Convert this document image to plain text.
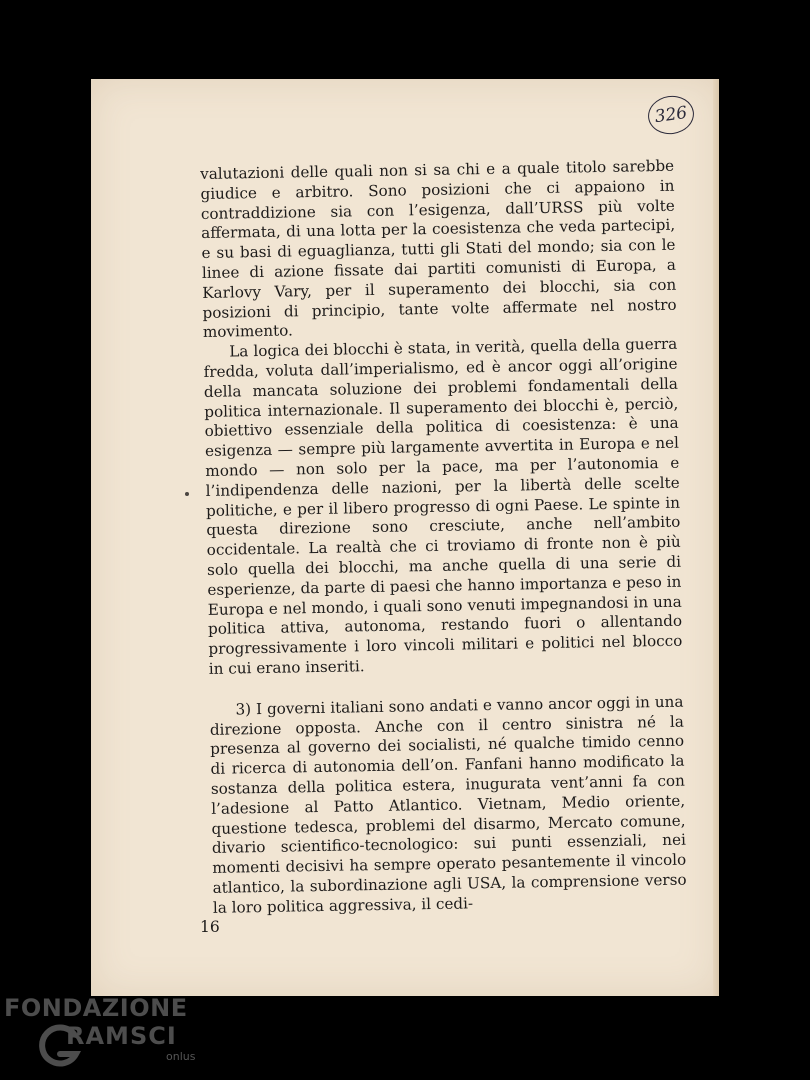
326

valutazioni delle quali non si sa chi e a quale titolo sarebbe giudice e arbitro. Sono posizioni che ci appaiono in contraddizione sia con l’esigenza, dall’URSS più volte affermata, di una lotta per la coesistenza che veda partecipi, e su basi di eguaglianza, tutti gli Stati del mondo; sia con le linee di azione fissate dai partiti comunisti di Europa, a Karlovy Vary, per il superamento dei blocchi, sia con posizioni di principio, tante volte affermate nel nostro movimento.

La logica dei blocchi è stata, in verità, quella della guerra fredda, voluta dall’imperialismo, ed è ancor oggi all’origine della mancata soluzione dei problemi fondamentali della politica internazionale. Il superamento dei blocchi è, perciò, obiettivo essenziale della politica di coesistenza: è una esigenza — sempre più largamente avvertita in Europa e nel mondo — non solo per la pace, ma per l’autonomia e l’indipendenza delle nazioni, per la libertà delle scelte politiche, e per il libero progresso di ogni Paese. Le spinte in questa direzione sono cresciute, anche nell’ambito occidentale. La realtà che ci troviamo di fronte non è più solo quella dei blocchi, ma anche quella di una serie di esperienze, da parte di paesi che hanno importanza e peso in Europa e nel mondo, i quali sono venuti impegnandosi in una politica attiva, autonoma, restando fuori o allentando progressivamente i loro vincoli militari e politici nel blocco in cui erano inseriti.

3) I governi italiani sono andati e vanno ancor oggi in una direzione opposta. Anche con il centro sinistra né la presenza al governo dei socialisti, né qualche timido cenno di ricerca di autonomia dell’on. Fanfani hanno modificato la sostanza della politica estera, inugurata vent’anni fa con l’adesione al Patto Atlantico. Vietnam, Medio oriente, questione tedesca, problemi del disarmo, Mercato comune, divario scientifico-tecnologico: sui punti essenziali, nei momenti decisivi ha sempre operato pesantemente il vincolo atlantico, la subordinazione agli USA, la comprensione verso la loro politica aggressiva, il cedi-

16
FONDAZIONE
RAMSCI
onlus
